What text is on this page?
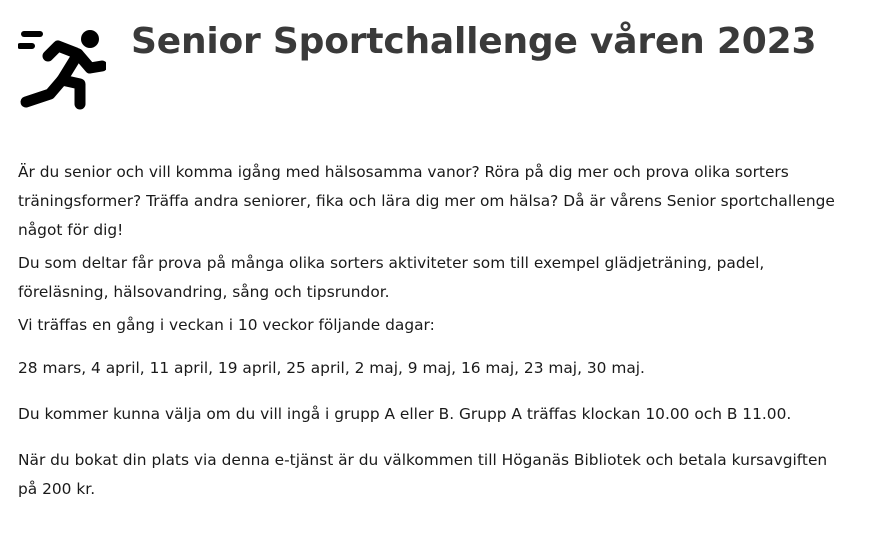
Senior Sportchallenge våren 2023

Är du senior och vill komma igång med hälsosamma vanor? Röra på dig mer och prova olika sorters
träningsformer? Träffa andra seniorer, fika och lära dig mer om hälsa? Då är vårens Senior sportchallenge
något för dig!

Du som deltar får prova på många olika sorters aktiviteter som till exempel glädjeträning, padel,
föreläsning, hälsovandring, sång och tipsrundor.

Vi träffas en gång i veckan i 10 veckor följande dagar:

28 mars, 4 april, 11 april, 19 april, 25 april, 2 maj, 9 maj, 16 maj, 23 maj, 30 maj.

Du kommer kunna välja om du vill ingå i grupp A eller B. Grupp A träffas klockan 10.00 och B 11.00.

När du bokat din plats via denna e-tjänst är du välkommen till Höganäs Bibliotek och betala kursavgiften
på 200 kr.
